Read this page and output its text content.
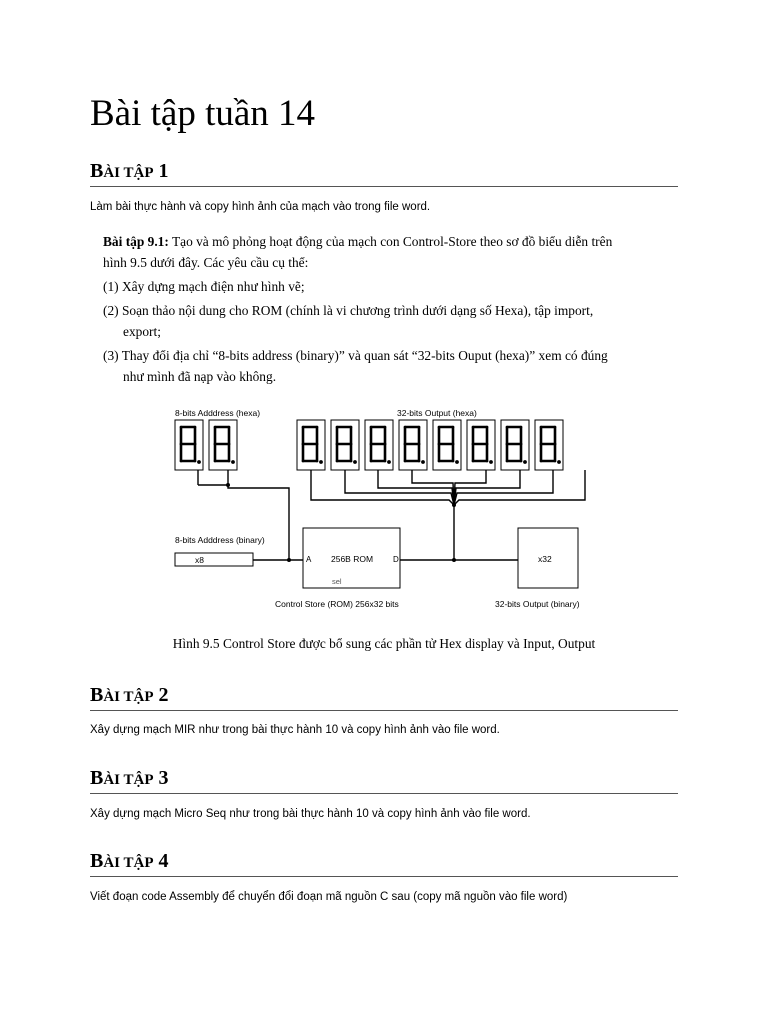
Bài tập tuần 14
BÀI TẬP 1

Làm bài thực hành và copy hình ảnh của mạch vào trong file word.

Bài tập 9.1: Tạo và mô phỏng hoạt động của mạch con Control-Store theo sơ đồ biểu diễn trên

hình 9.5 dưới đây. Các yêu cầu cụ thể:

(1) Xây dựng mạch điện như hình vẽ;

(2) Soạn thảo nội dung cho ROM (chính là vi chương trình dưới dạng số Hexa), tập import,

export;

(3) Thay đổi địa chỉ “8-bits address (binary)” và quan sát “32-bits Ouput (hexa)” xem có đúng

như mình đã nạp vào không.

8-bits Adddress (hexa)	32-bits Output (hexa)
8-bits Adddress (binary)
x8	256B ROM
A	D
sel
x32
Control Store (ROM) 256x32 bits	32-bits Output (binary)

Hình 9.5 Control Store được bổ sung các phần tử Hex display và Input, Output

BÀI TẬP 2

Xây dựng mạch MIR như trong bài thực hành 10 và copy hình ảnh vào file word.

BÀI TẬP 3

Xây dựng mạch Micro Seq như trong bài thực hành 10 và copy hình ảnh vào file word.

BÀI TẬP 4

Viết đoạn code Assembly để chuyển đổi đoạn mã nguồn C sau (copy mã nguồn vào file word)
